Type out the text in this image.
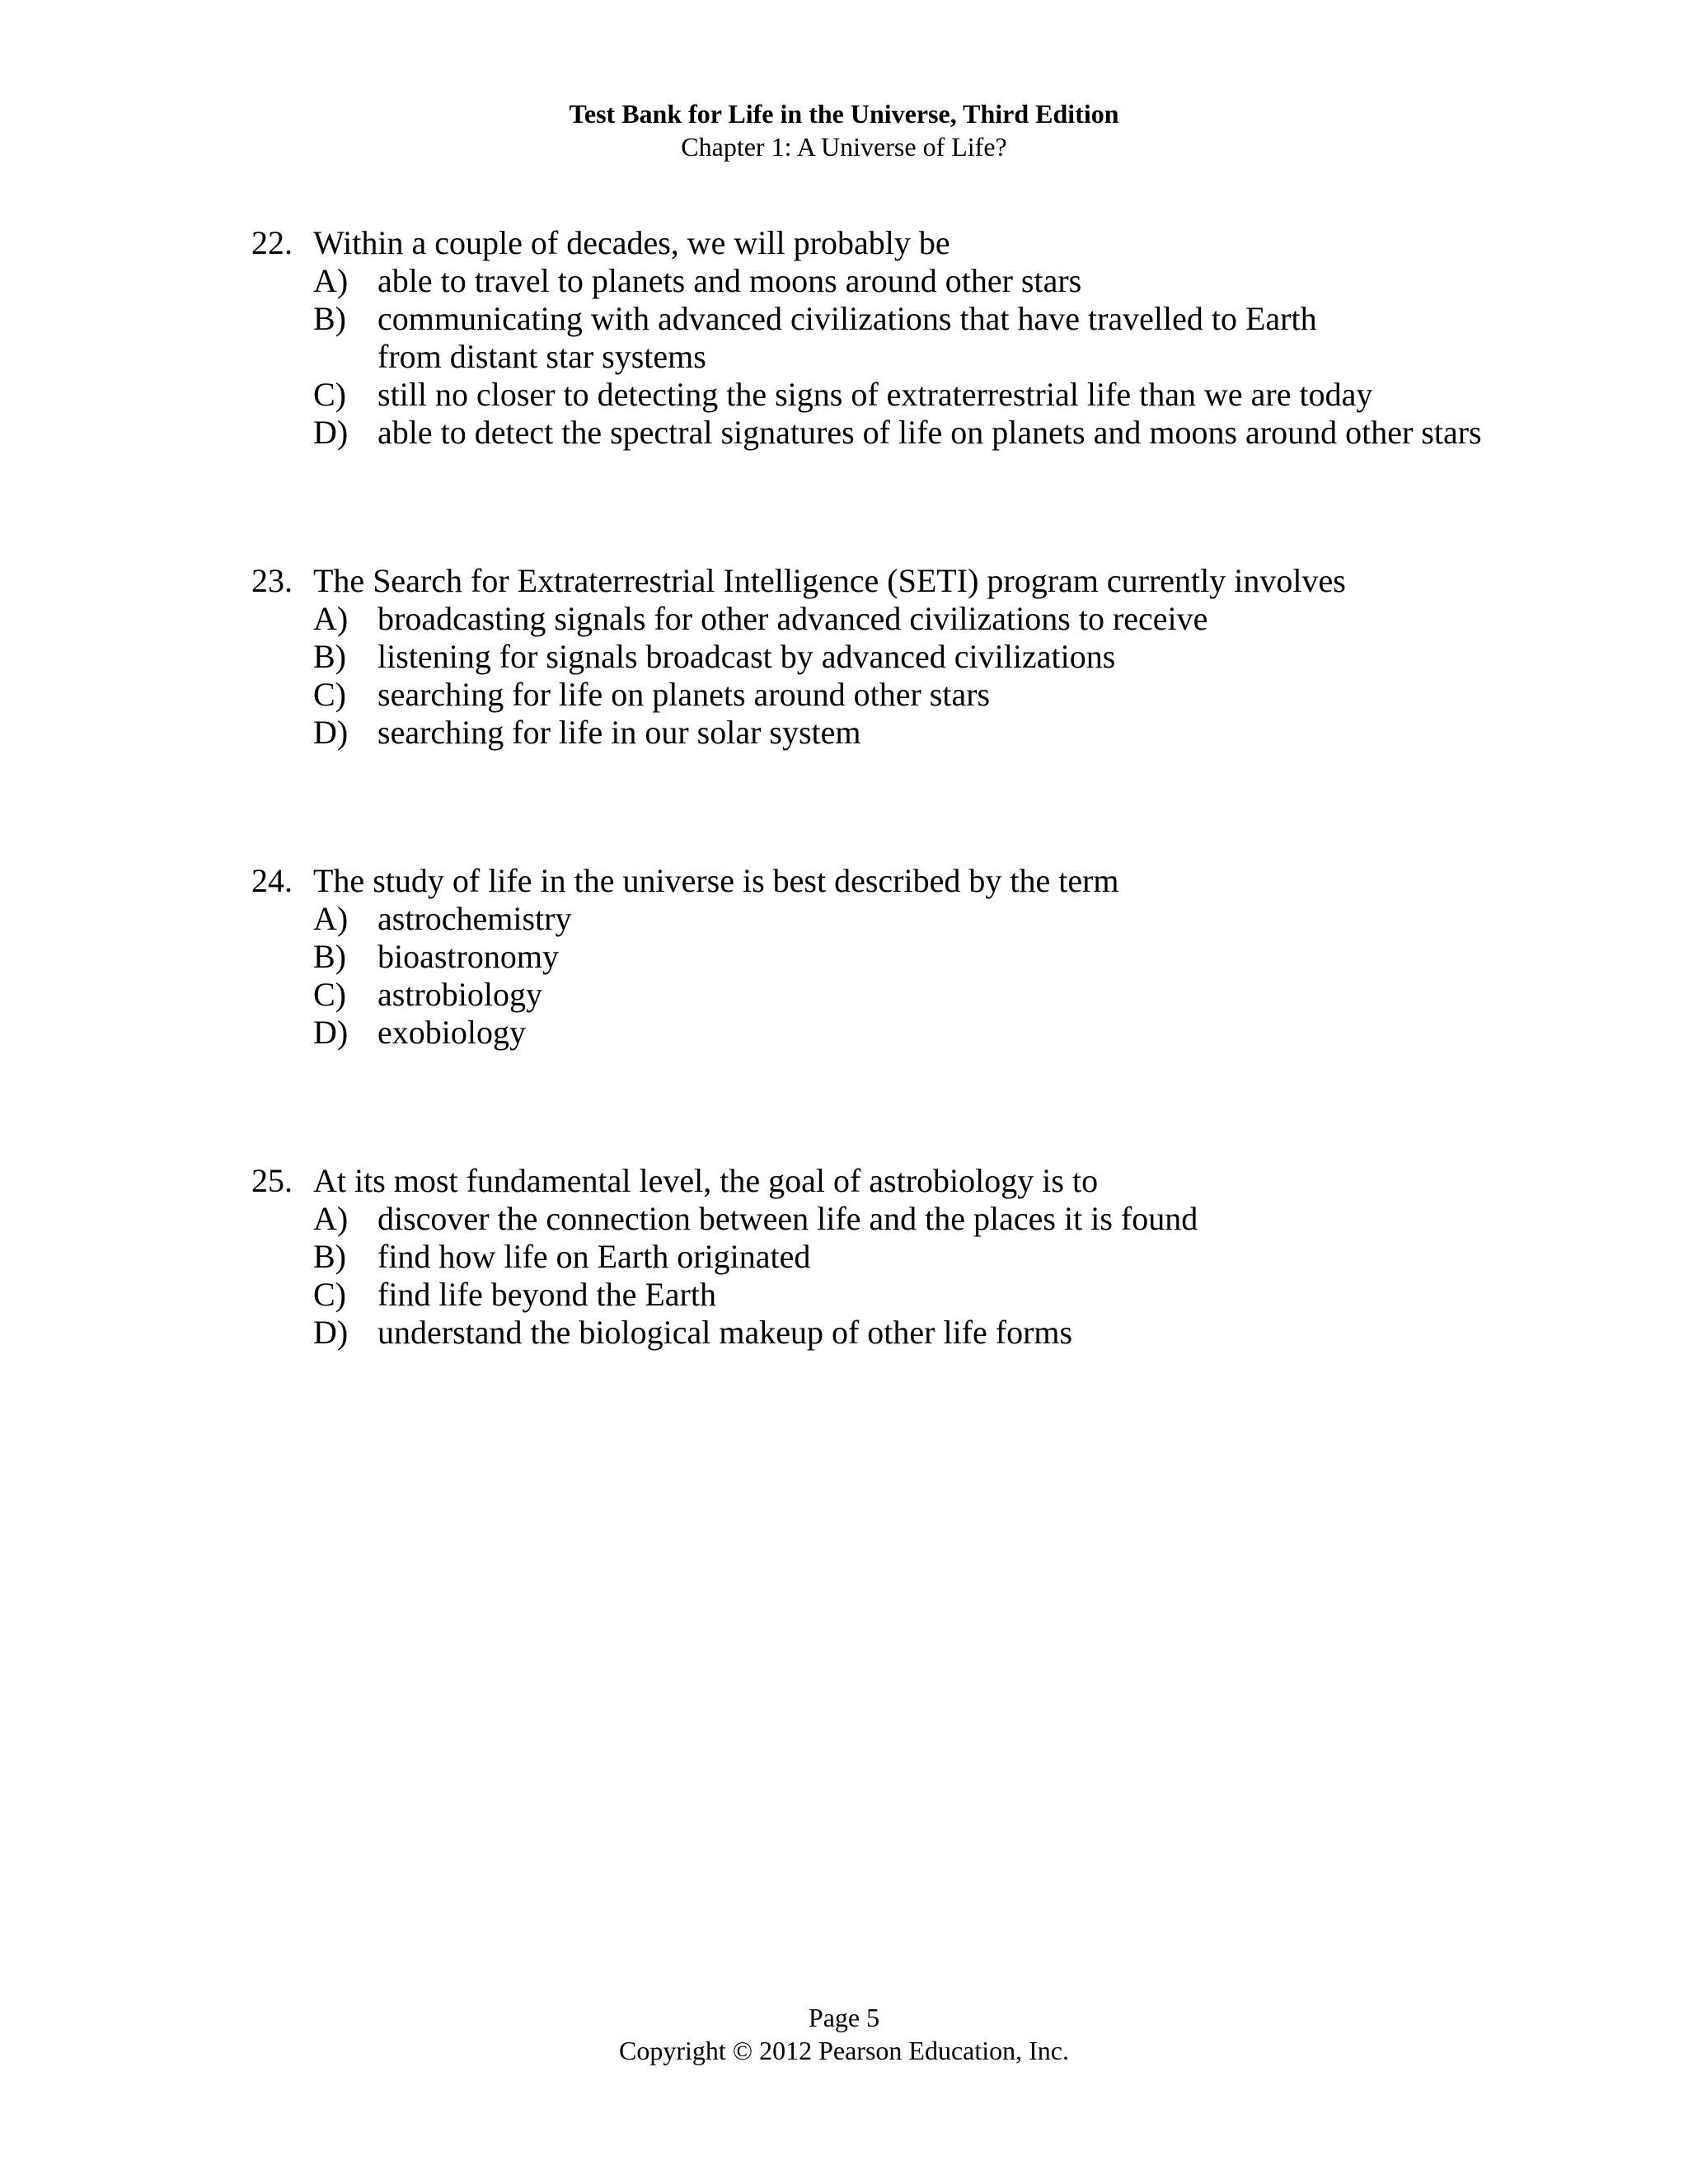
Test Bank for Life in the Universe, Third Edition
Chapter 1: A Universe of Life?
22. Within a couple of decades, we will probably be
A) able to travel to planets and moons around other stars
B) communicating with advanced civilizations that have travelled to Earth from distant star systems
C) still no closer to detecting the signs of extraterrestrial life than we are today
D) able to detect the spectral signatures of life on planets and moons around other stars
23. The Search for Extraterrestrial Intelligence (SETI) program currently involves
A) broadcasting signals for other advanced civilizations to receive
B) listening for signals broadcast by advanced civilizations
C) searching for life on planets around other stars
D) searching for life in our solar system
24. The study of life in the universe is best described by the term
A) astrochemistry
B) bioastronomy
C) astrobiology
D) exobiology
25. At its most fundamental level, the goal of astrobiology is to
A) discover the connection between life and the places it is found
B) find how life on Earth originated
C) find life beyond the Earth
D) understand the biological makeup of other life forms
Page 5
Copyright © 2012 Pearson Education, Inc.
